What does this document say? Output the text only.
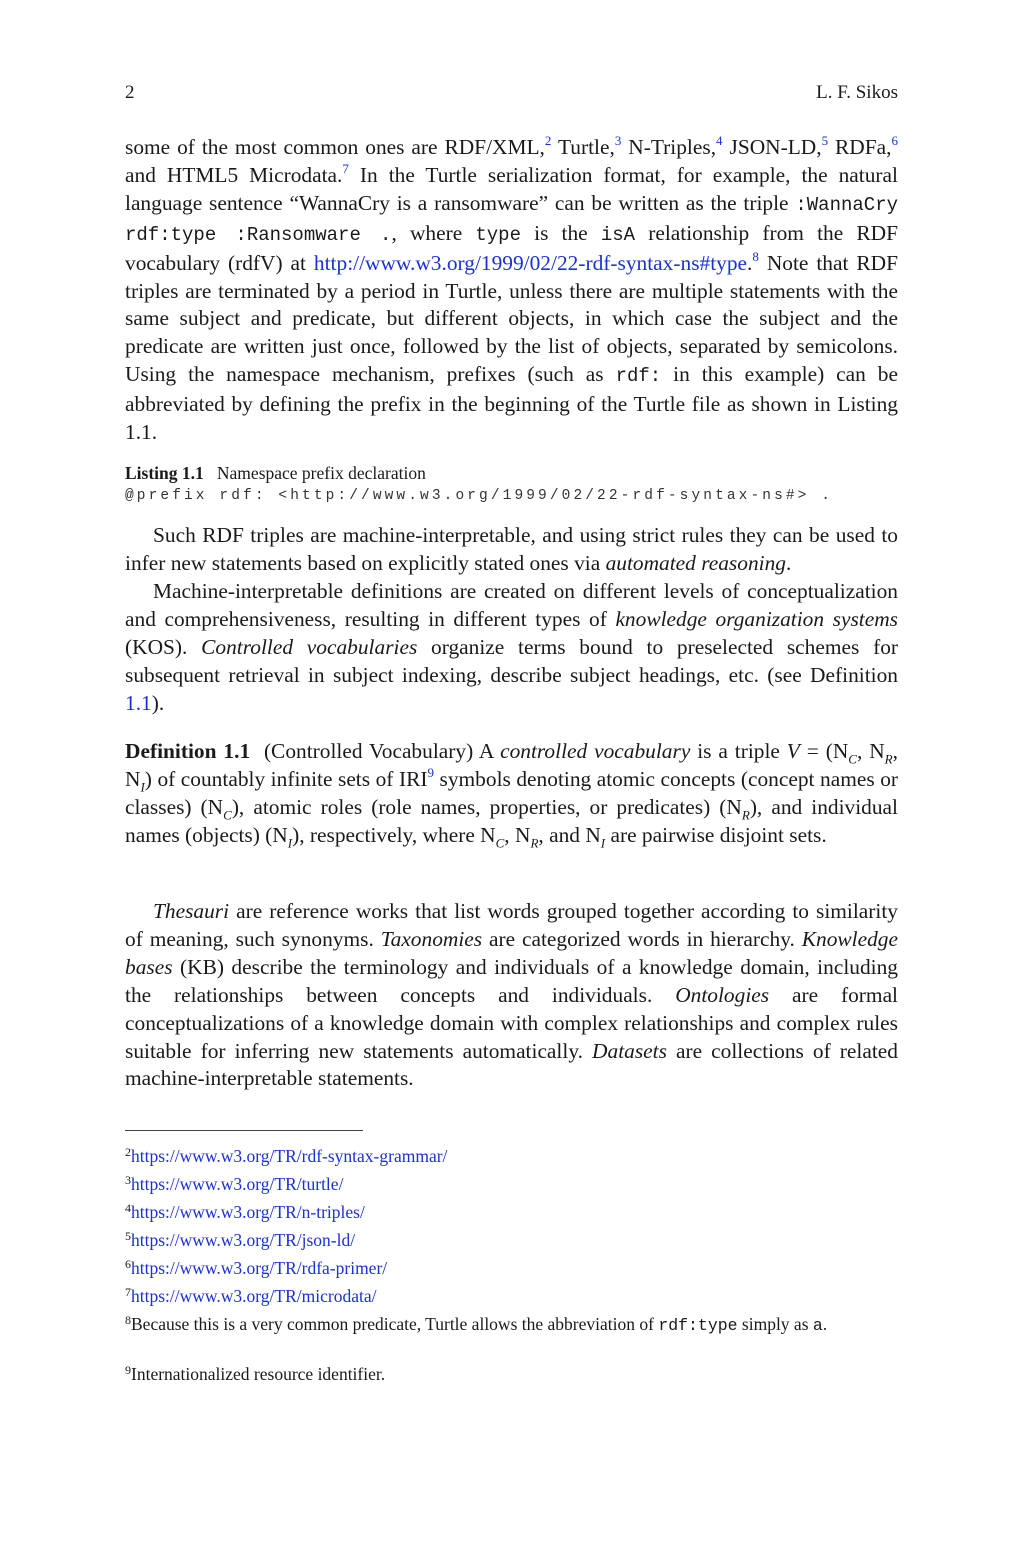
2	L. F. Sikos

some of the most common ones are RDF/XML,$^2$ Turtle,$^3$ N-Triples,$^4$ JSON-LD,$^5$ RDFa,$^6$ and HTML5 Microdata.$^7$ In the Turtle serialization format, for example, the natural language sentence “WannaCry is a ransomware” can be written as the triple :WannaCry rdf:type :Ransomware ., where type is the isA relationship from the RDF vocabulary (rdfV) at http://www.w3.org/1999/02/22-rdf-syntax-ns#type.$^8$ Note that RDF triples are terminated by a period in Turtle, unless there are multiple statements with the same subject and predicate, but different objects, in which case the subject and the predicate are written just once, followed by the list of objects, separated by semicolons. Using the namespace mechanism, prefixes (such as rdf: in this example) can be abbreviated by defining the prefix in the beginning of the Turtle file as shown in Listing 1.1.

Listing 1.1 Namespace prefix declaration
@prefix rdf: <http://www.w3.org/1999/02/22-rdf-syntax-ns#> .

Such RDF triples are machine-interpretable, and using strict rules they can be used to infer new statements based on explicitly stated ones via automated reasoning.

Machine-interpretable definitions are created on different levels of conceptualization and comprehensiveness, resulting in different types of knowledge organization systems (KOS). Controlled vocabularies organize terms bound to preselected schemes for subsequent retrieval in subject indexing, describe subject headings, etc. (see Definition 1.1).

Definition 1.1 (Controlled Vocabulary) A controlled vocabulary is a triple $V = (N_C$, $N_R$, $N_I$) of countably infinite sets of IRI$^9$ symbols denoting atomic concepts (concept names or classes) $(N_C)$, atomic roles (role names, properties, or predicates) $(N_R)$, and individual names (objects) $(N_I)$, respectively, where $N_C$, $N_R$, and $N_I$ are pairwise disjoint sets.

Thesauri are reference works that list words grouped together according to similarity of meaning, such synonyms. Taxonomies are categorized words in hierarchy. Knowledge bases (KB) describe the terminology and individuals of a knowledge domain, including the relationships between concepts and individuals. Ontologies are formal conceptualizations of a knowledge domain with complex relationships and complex rules suitable for inferring new statements automatically. Datasets are collections of related machine-interpretable statements.

$^2$https://www.w3.org/TR/rdf-syntax-grammar/
$^3$https://www.w3.org/TR/turtle/
$^4$https://www.w3.org/TR/n-triples/
$^5$https://www.w3.org/TR/json-ld/
$^6$https://www.w3.org/TR/rdfa-primer/
$^7$https://www.w3.org/TR/microdata/
$^8$Because this is a very common predicate, Turtle allows the abbreviation of rdf:type simply as a.
$^9$Internationalized resource identifier.
